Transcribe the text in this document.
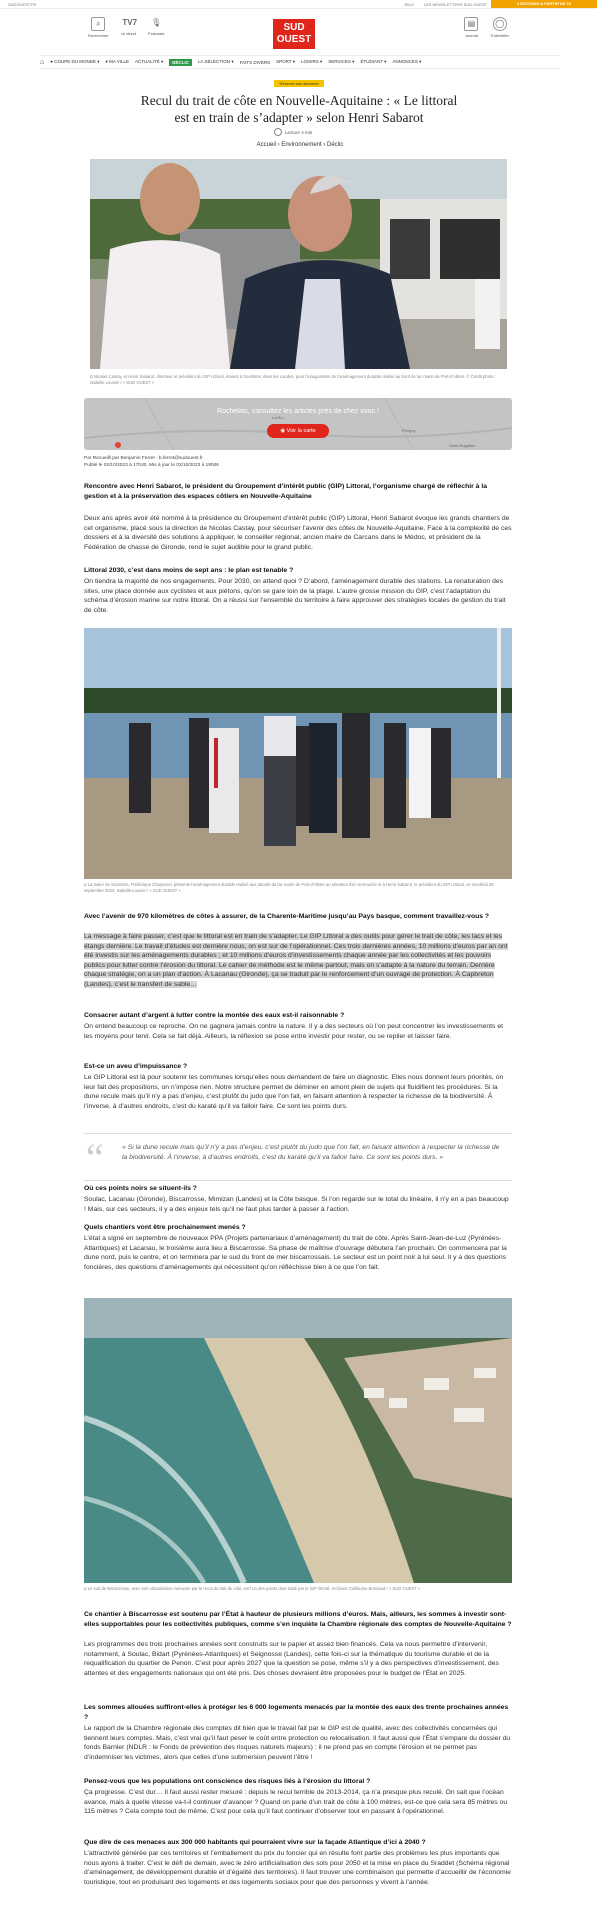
SUDOUEST.FR	JEUX	LES NEWSLETTERS SUD OUEST	3 ÉDITIONS À PARTIR DE 1€
⌕
Rechercher
TV7
Le direct
🎙
Podcasts
SUD OUEST
▤
Journal
◯
S'identifier
⌂ ● COUPE DU MONDE ▾ ▾ MA VILLE ACTUALITÉ ▾	DÉCLIC	LA SÉLECTION ▾ FAITS DIVERS SPORT ▾ LOISIRS ▾ SERVICES ▾ ÉTUDIANT ▾ ANNONCES ▾
Réservé aux abonnés
Recul du trait de côte en Nouvelle-Aquitaine : « Le littoral est en train de s’adapter » selon Henri Sabarot
Lecture 4 min
Accueil › Environnement › Déclic
◘ Nicolas Castay, et Henri Sabarot, directeur et président du GIP Littoral, étaient à Soustons, dans les Landes, pour l’inauguration de l’aménagement durable réalisé au bord de lac marin de Port-d’Albret. © Crédit photo : Isabelle Louvier / « SUD OUEST »
Rochelais, consultez les articles près de chez vous !
◉ Voir la carte
La Ro…
Périgny
Saint-Rogatien
Par Recueilli par Benjamin Ferret - b.ferret@sudouest.fr
Publié le 02/10/2023 à 17h30. Mis à jour le 02/10/2023 à 19h06
Rencontre avec Henri Sabarot, le président du Groupement d’intérêt public (GIP) Littoral, l’organisme chargé de réfléchir à la gestion et à la préservation des espaces côtiers en Nouvelle-Aquitaine
Deux ans après avoir été nommé à la présidence du Groupement d’intérêt public (GIP) Littoral, Henri Sabarot évoque les grands chantiers de cet organisme, placé sous la direction de Nicolas Castay, pour sécuriser l’avenir des côtes de Nouvelle-Aquitaine. Face à la complexité de ces dossiers et à la diversité des solutions à appliquer, le conseiller régional, ancien maire de Carcans dans le Médoc, et président de la Fédération de chasse de Gironde, rend le sujet audible pour le grand public.
Littoral 2030, c’est dans moins de sept ans : le plan est tenable ?
On tiendra la majorité de nos engagements. Pour 2030, on attend quoi ? D’abord, l’aménagement durable des stations. La renaturation des sites, une place donnée aux cyclistes et aux piétons, qu’on se gare loin de la plage. L’autre grosse mission du GIP, c’est l’adaptation du schéma d’érosion marine sur notre littoral. On a réussi sur l’ensemble du territoire à faire approuver des stratégies locales de gestion du trait de côte.
◘ La maire de Soustons, Frédérique Charpenel, présente l’aménagement durable réalisé aux abords du lac marin de Port-d’Albret au sénateur Éric Kerrouche et à Henri Sabarot, le président du GIP Littoral, ce vendredi 29 septembre 2023. Isabelle Louvier / « SUD OUEST »
Avec l’avenir de 970 kilomètres de côtes à assurer, de la Charente-Maritime jusqu’au Pays basque, comment travaillez-vous ?
La message à faire passer, c’est que le littoral est en train de s’adapter. Le GIP Littoral a des outils pour gérer le trait de côte, les lacs et les étangs dernière. Le travail d’études est dernière nous, on est sur de l’opérationnel. Ces trois dernières années, 10 millions d’euros par an ont été investis sur les aménagements durables ; et 10 millions d’euros d’investissements chaque année par les collectivités et les pouvoirs publics pour lutter contre l’érosion du littoral. Le cahier de méthode est le même partout, mais on s’adapte à la nature du terrain. Derrière chaque stratégie, on a un plan d’action. À Lacanau (Gironde), ça se traduit par le renforcement d’un ouvrage de protection. À Capbreton (Landes), c’est le transfert de sable…
Consacrer autant d’argent à lutter contre la montée des eaux est-il raisonnable ?
On entend beaucoup ce reproche. On ne gagnera jamais contre la nature. Il y a des secteurs où l’on peut concentrer les investissements et les moyens pour tenir. Cela se fait déjà. Ailleurs, la réflexion se pose entre investir pour rester, ou se replier et laisser faire.
Est-ce un aveu d’impuissance ?
Le GIP Littoral est là pour soutenir les communes lorsqu’elles nous demandent de faire un diagnostic. Elles nous donnent leurs priorités, on leur fait des propositions, on n’impose rien. Notre structure permet de déminer en amont plein de sujets qui fluidifient les procédures. Si la dune recule mais qu’il n’y a pas d’enjeu, c’est plutôt du judo que l’on fait, en faisant attention à respecter la richesse de la biodiversité. À l’inverse, à d’autres endroits, c’est du karaté qu’il va falloir faire. Ce sont les points durs.
“	« Si la dune recule mais qu’il n’y a pas d’enjeu, c’est plutôt du judo que l’on fait, en faisant attention à respecter la richesse de la biodiversité. À l’inverse, à d’autres endroits, c’est du karaté qu’il va falloir faire. Ce sont les points durs. »
Où ces points noirs se situent-ils ?
Soulac, Lacanau (Gironde), Biscarrosse, Mimizan (Landes) et la Côte basque. Si l’on regarde sur le total du linéaire, il n’y en a pas beaucoup ! Mais, sur ces secteurs, il y a des enjeux tels qu’il ne faut plus tarder à passer à l’action.
Quels chantiers vont être prochainement menés ?
L’état a signé en septembre de nouveaux PPA (Projets partenariaux d’aménagement) du trait de côte. Après Saint-Jean-de-Luz (Pyrénées-Atlantiques) et Lacanau, le troisième aura lieu à Biscarrosse. Sa phase de maîtrise d’ouvrage débutera l’an prochain. On commencera par la dune nord, puis le centre, et on terminera par le sud du front de mer biscarrossais. Le secteur est un point noir à lui seul. Il y a des questions foncières, des questions d’aménagements qui nécessitent qu’on réfléchisse bien à ce que l’on fait.
◘ Le sud de Biscarrosse, avec son urbanisation menacée par le recul du trait de côte, est l’un des points durs traité par le GIP littoral. Archives Guillaume Bonnaud / « SUD OUEST »
Ce chantier à Biscarrosse est soutenu par l’État à hauteur de plusieurs millions d’euros. Mais, ailleurs, les sommes à investir sont-elles supportables pour les collectivités publiques, comme s’en inquiète la Chambre régionale des comptes de Nouvelle-Aquitaine ?
Les programmes des trois prochaines années sont construits sur le papier et assez bien financés. Cela va nous permettre d’intervenir, notamment, à Soulac, Bidart (Pyrénées-Atlantiques) et Seignosse (Landes), cette fois-ci sur la thématique du tourisme durable et de la requalification du quartier de Penon. C’est pour après 2027 que la question se pose, même s’il y a des perspectives d’investissement, des attentes et des engagements nationaux qui ont été pris. Des choses devraient être proposées pour le budget de l’État en 2025.
Les sommes allouées suffiront-elles à protéger les 6 000 logements menacés par la montée des eaux des trente prochaines années ?
Le rapport de la Chambre régionale des comptes dit bien que le travail fait par le GIP est de qualité, avec des collectivités concernées qui tiennent leurs comptes. Mais, c’est vrai qu’il faut peser le coût entre protection ou relocalisation. Il faut aussi que l’État s’empare du dossier du fonds Barnier (NDLR : le Fonds de prévention des risques naturels majeurs) : il ne prend pas en compte l’érosion et ne permet pas d’indemniser les victimes, alors que celles d’une submersion peuvent l’être !
Pensez-vous que les populations ont conscience des risques liés à l’érosion du littoral ?
Ça progresse. C’est dur… Il faut aussi rester mesuré : depuis le recul terrible de 2013-2014, ça n’a presque plus reculé. On sait que l’océan avance, mais à quelle vitesse va-t-il continuer d’avancer ? Quand on parle d’un trait de côte à 100 mètres, est-ce que cela sera 85 mètres ou 115 mètres ? Cela compte tout de même. C’est pour cela qu’il faut continuer d’observer tout en passant à l’opérationnel.
Que dire de ces menaces aux 300 000 habitants qui pourraient vivre sur la façade Atlantique d’ici à 2040 ?
L’attractivité générée par ces territoires et l’emballement du prix du foncier qui en résulte font partie des problèmes les plus importants que nous ayons à traiter. C’est le défi de demain, avec le zéro artificialisation des sols pour 2050 et la mise en place du Sraddet (Schéma régional d’aménagement, de développement durable et d’égalité des territoires). Il faut trouver une combinaison qui permette d’accueillir de l’économie touristique, tout en produisant des logements et des logements sociaux pour que des personnes y vivent à l’année.
